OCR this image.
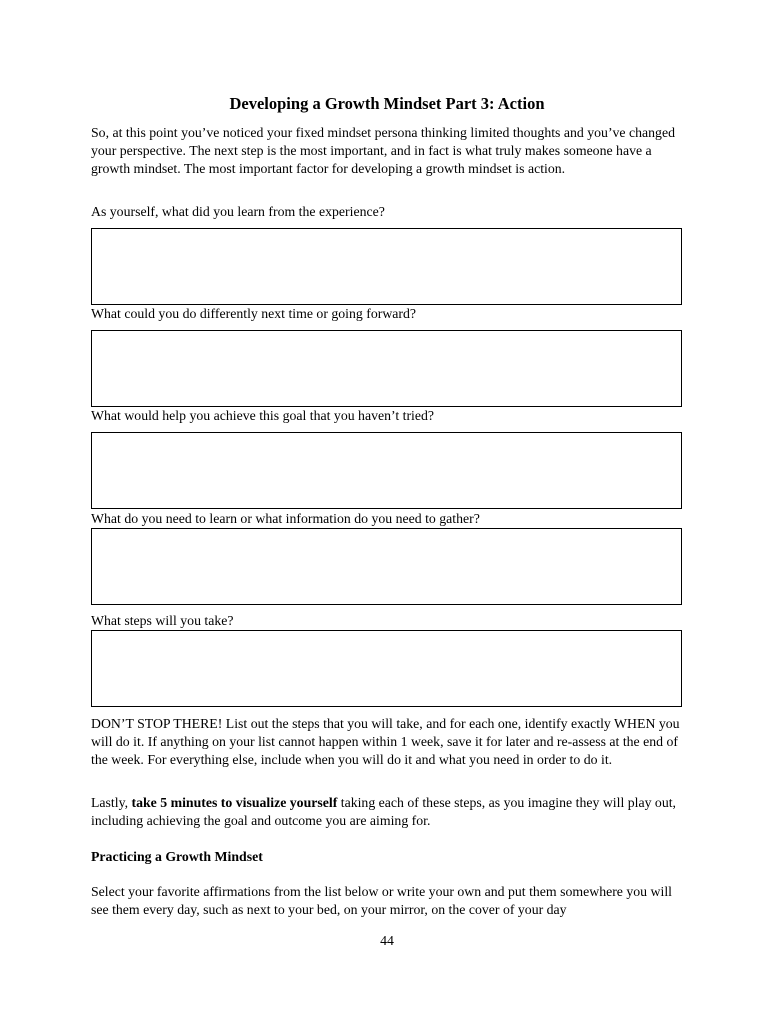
Developing a Growth Mindset Part 3: Action

So, at this point you’ve noticed your fixed mindset persona thinking limited thoughts and you’ve changed your perspective. The next step is the most important, and in fact is what truly makes someone have a growth mindset. The most important factor for developing a growth mindset is action.

As yourself, what did you learn from the experience?

What could you do differently next time or going forward?

What would help you achieve this goal that you haven’t tried?

What do you need to learn or what information do you need to gather?

What steps will you take?

DON’T STOP THERE! List out the steps that you will take, and for each one, identify exactly WHEN you will do it. If anything on your list cannot happen within 1 week, save it for later and re-assess at the end of the week. For everything else, include when you will do it and what you need in order to do it.

Lastly, take 5 minutes to visualize yourself taking each of these steps, as you imagine they will play out, including achieving the goal and outcome you are aiming for.

Practicing a Growth Mindset

Select your favorite affirmations from the list below or write your own and put them somewhere you will see them every day, such as next to your bed, on your mirror, on the cover of your day

44
